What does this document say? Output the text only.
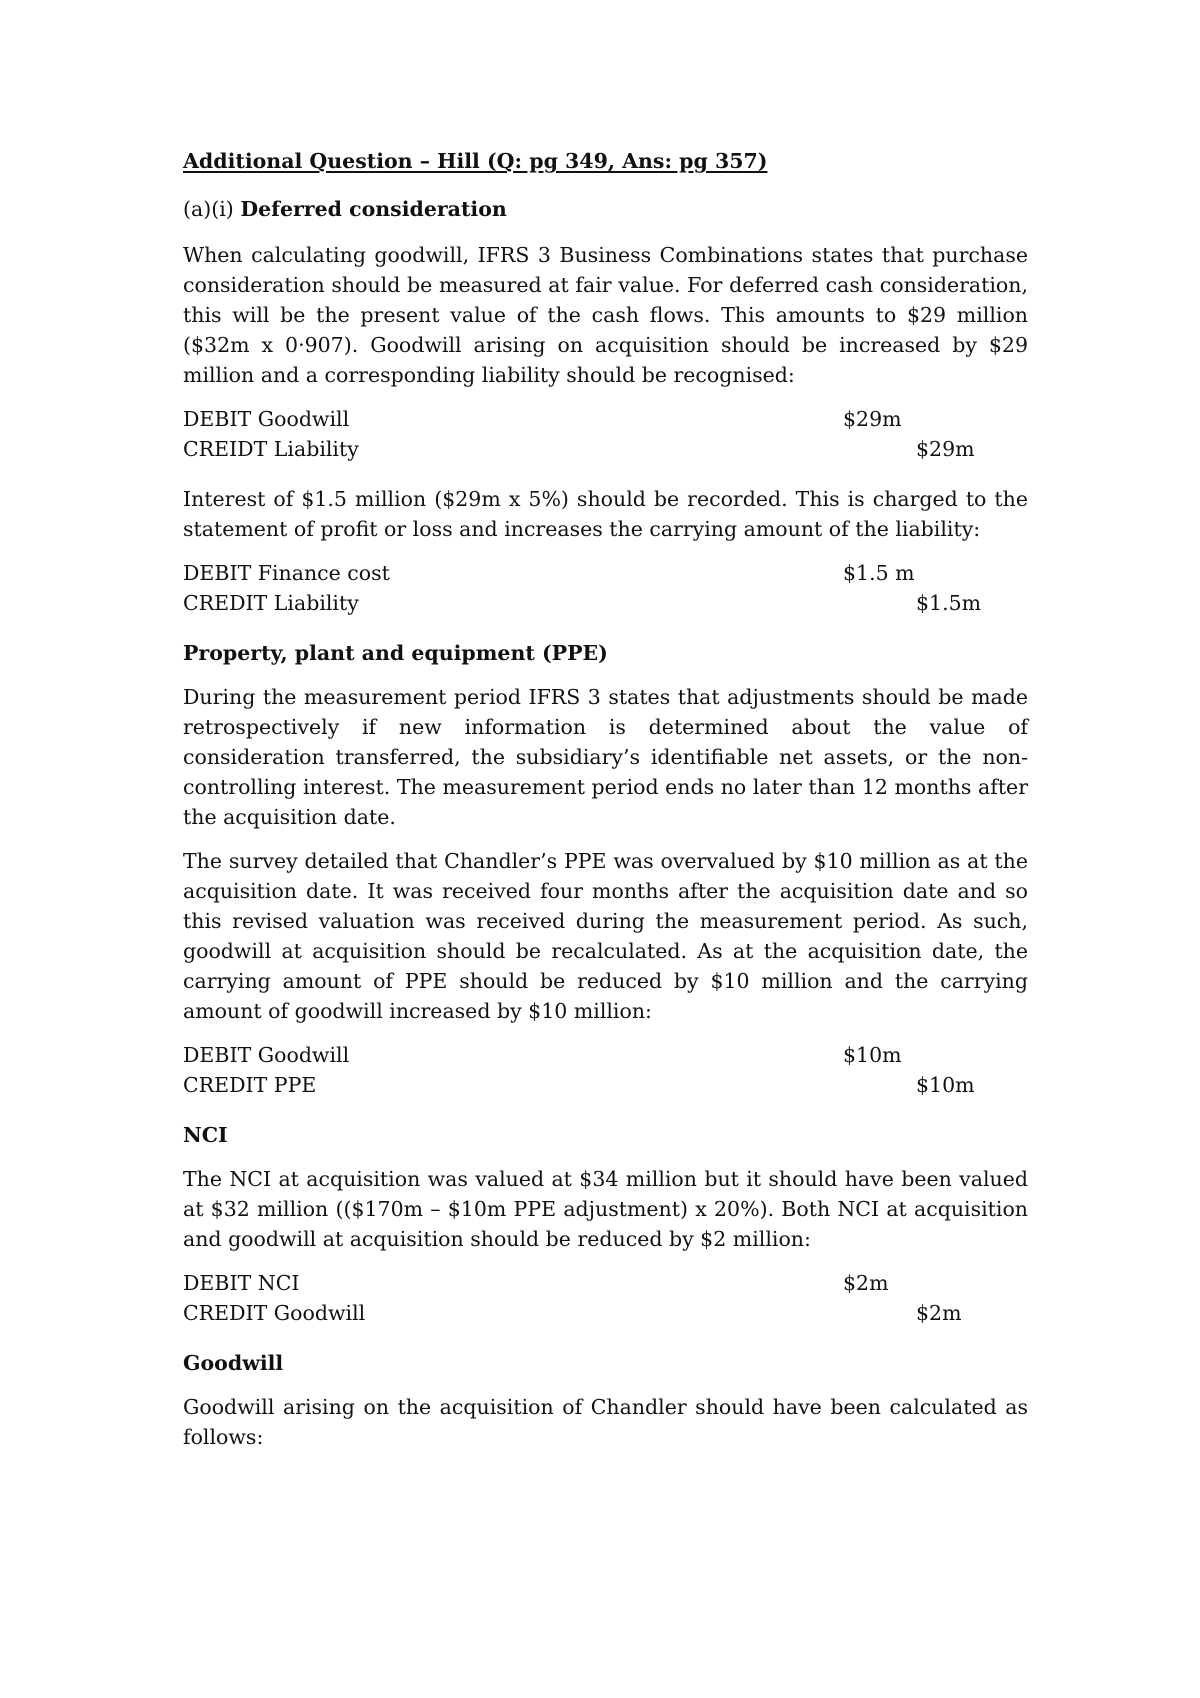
Additional Question – Hill (Q: pg 349, Ans: pg 357)
(a)(i) Deferred consideration
When calculating goodwill, IFRS 3 Business Combinations states that purchase consideration should be measured at fair value. For deferred cash consideration, this will be the present value of the cash flows. This amounts to $29 million ($32m x 0·907). Goodwill arising on acquisition should be increased by $29 million and a corresponding liability should be recognised:
DEBIT Goodwill	$29m
CREIDT Liability	$29m
Interest of $1.5 million ($29m x 5%) should be recorded. This is charged to the statement of profit or loss and increases the carrying amount of the liability:
DEBIT Finance cost	$1.5 m
CREDIT Liability	$1.5m
Property, plant and equipment (PPE)
During the measurement period IFRS 3 states that adjustments should be made retrospectively if new information is determined about the value of consideration transferred, the subsidiary’s identifiable net assets, or the non-controlling interest. The measurement period ends no later than 12 months after the acquisition date.
The survey detailed that Chandler’s PPE was overvalued by $10 million as at the acquisition date. It was received four months after the acquisition date and so this revised valuation was received during the measurement period. As such, goodwill at acquisition should be recalculated. As at the acquisition date, the carrying amount of PPE should be reduced by $10 million and the carrying amount of goodwill increased by $10 million:
DEBIT Goodwill	$10m
CREDIT PPE	$10m
NCI
The NCI at acquisition was valued at $34 million but it should have been valued at $32 million (($170m – $10m PPE adjustment) x 20%). Both NCI at acquisition and goodwill at acquisition should be reduced by $2 million:
DEBIT NCI	$2m
CREDIT Goodwill	$2m
Goodwill
Goodwill arising on the acquisition of Chandler should have been calculated as follows:
